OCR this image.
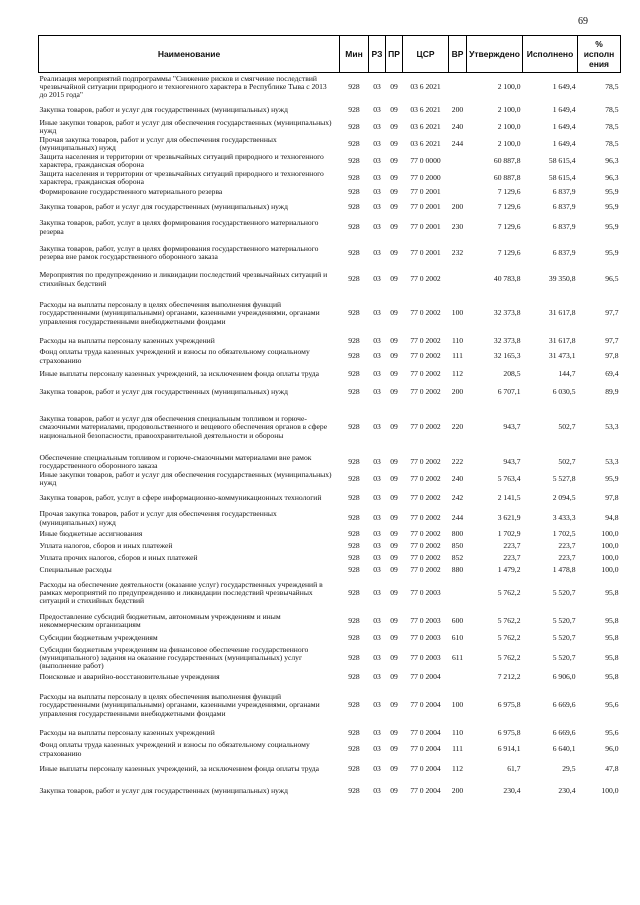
69
Наименование	Мин	РЗ	ПР	ЦСР	ВР	Утверждено	Исполнено	%
исполн
ения
Реализация мероприятий подпрограммы "Снижение рисков и смягчение последствий чрезвычайной ситуации природного и техногенного характера в Республике Тыва с 2013 до 2015 года"	928	03	09	03 6 2021		2 100,0	1 649,4	78,5
Закупка товаров, работ и услуг для государственных (муниципальных) нужд	928	03	09	03 6 2021	200	2 100,0	1 649,4	78,5
Иные закупки товаров, работ и услуг для обеспечения государственных (муниципальных) нужд	928	03	09	03 6 2021	240	2 100,0	1 649,4	78,5
Прочая закупка товаров, работ и услуг для обеспечения государственных (муниципальных) нужд	928	03	09	03 6 2021	244	2 100,0	1 649,4	78,5
Защита населения и территории от чрезвычайных ситуаций природного и техногенного характера, гражданская оборона	928	03	09	77 0 0000		60 887,8	58 615,4	96,3
Защита населения и территории от чрезвычайных ситуаций природного и техногенного характера, гражданская оборона	928	03	09	77 0 2000		60 887,8	58 615,4	96,3
Формирование государственного материального резерва	928	03	09	77 0 2001		7 129,6	6 837,9	95,9
Закупка товаров, работ и услуг для государственных (муниципальных) нужд	928	03	09	77 0 2001	200	7 129,6	6 837,9	95,9
Закупка товаров, работ, услуг в целях формирования государственного материального резерва	928	03	09	77 0 2001	230	7 129,6	6 837,9	95,9
Закупка товаров, работ, услуг в целях формирования государственного материального резерва вне рамок государственного оборонного заказа	928	03	09	77 0 2001	232	7 129,6	6 837,9	95,9
Мероприятия по предупреждению и ликвидации последствий чрезвычайных ситуаций и стихийных бедствий	928	03	09	77 0 2002		40 783,8	39 350,8	96,5
Расходы на выплаты персоналу в целях обеспечения выполнения функций государственными (муниципальными) органами, казенными учреждениями, органами управления государственными внебюджетными фондами	928	03	09	77 0 2002	100	32 373,8	31 617,8	97,7
Расходы на выплаты персоналу казенных учреждений	928	03	09	77 0 2002	110	32 373,8	31 617,8	97,7
Фонд оплаты труда казенных учреждений и взносы по обязательному социальному страхованию	928	03	09	77 0 2002	111	32 165,3	31 473,1	97,8
Иные выплаты персоналу казенных учреждений, за исключением фонда оплаты труда	928	03	09	77 0 2002	112	208,5	144,7	69,4
Закупка товаров, работ и услуг для государственных (муниципальных) нужд	928	03	09	77 0 2002	200	6 707,1	6 030,5	89,9
Закупка товаров, работ и услуг для обеспечения специальным топливом и горюче-смазочными материалами, продовольственного и вещевого обеспечения органов в сфере национальной безопасности, правоохранительной деятельности и обороны	928	03	09	77 0 2002	220	943,7	502,7	53,3
Обеспечение специальным топливом и горюче-смазочными материалами вне рамок государственного оборонного заказа	928	03	09	77 0 2002	222	943,7	502,7	53,3
Иные закупки товаров, работ и услуг для обеспечения государственных (муниципальных) нужд	928	03	09	77 0 2002	240	5 763,4	5 527,8	95,9
Закупка товаров, работ, услуг в сфере информационно-коммуникационных технологий	928	03	09	77 0 2002	242	2 141,5	2 094,5	97,8
Прочая закупка товаров, работ и услуг для обеспечения государственных (муниципальных) нужд	928	03	09	77 0 2002	244	3 621,9	3 433,3	94,8
Иные бюджетные ассигнования	928	03	09	77 0 2002	800	1 702,9	1 702,5	100,0
Уплата налогов, сборов и иных платежей	928	03	09	77 0 2002	850	223,7	223,7	100,0
Уплата прочих налогов, сборов и иных платежей	928	03	09	77 0 2002	852	223,7	223,7	100,0
Специальные расходы	928	03	09	77 0 2002	880	1 479,2	1 478,8	100,0
Расходы на обеспечение деятельности (оказание услуг) государственных учреждений в рамках мероприятий по предупреждению и ликвидации последствий чрезвычайных ситуаций и стихийных бедствий	928	03	09	77 0 2003		5 762,2	5 520,7	95,8
Предоставление субсидий бюджетным, автономным учреждениям и иным некоммерческим организациям	928	03	09	77 0 2003	600	5 762,2	5 520,7	95,8
Субсидии бюджетным учреждениям	928	03	09	77 0 2003	610	5 762,2	5 520,7	95,8
Субсидии бюджетным учреждениям на финансовое обеспечение государственного (муниципального) задания на оказание государственных (муниципальных) услуг (выполнение работ)	928	03	09	77 0 2003	611	5 762,2	5 520,7	95,8
Поисковые и аварийно-восстановительные учреждения	928	03	09	77 0 2004		7 212,2	6 906,0	95,8
Расходы на выплаты персоналу в целях обеспечения выполнения функций государственными (муниципальными) органами, казенными учреждениями, органами управления государственными внебюджетными фондами	928	03	09	77 0 2004	100	6 975,8	6 669,6	95,6
Расходы на выплаты персоналу казенных учреждений	928	03	09	77 0 2004	110	6 975,8	6 669,6	95,6
Фонд оплаты труда казенных учреждений и взносы по обязательному социальному страхованию	928	03	09	77 0 2004	111	6 914,1	6 640,1	96,0
Иные выплаты персоналу казенных учреждений, за исключением фонда оплаты труда	928	03	09	77 0 2004	112	61,7	29,5	47,8
Закупка товаров, работ и услуг для государственных (муниципальных) нужд	928	03	09	77 0 2004	200	230,4	230,4	100,0
